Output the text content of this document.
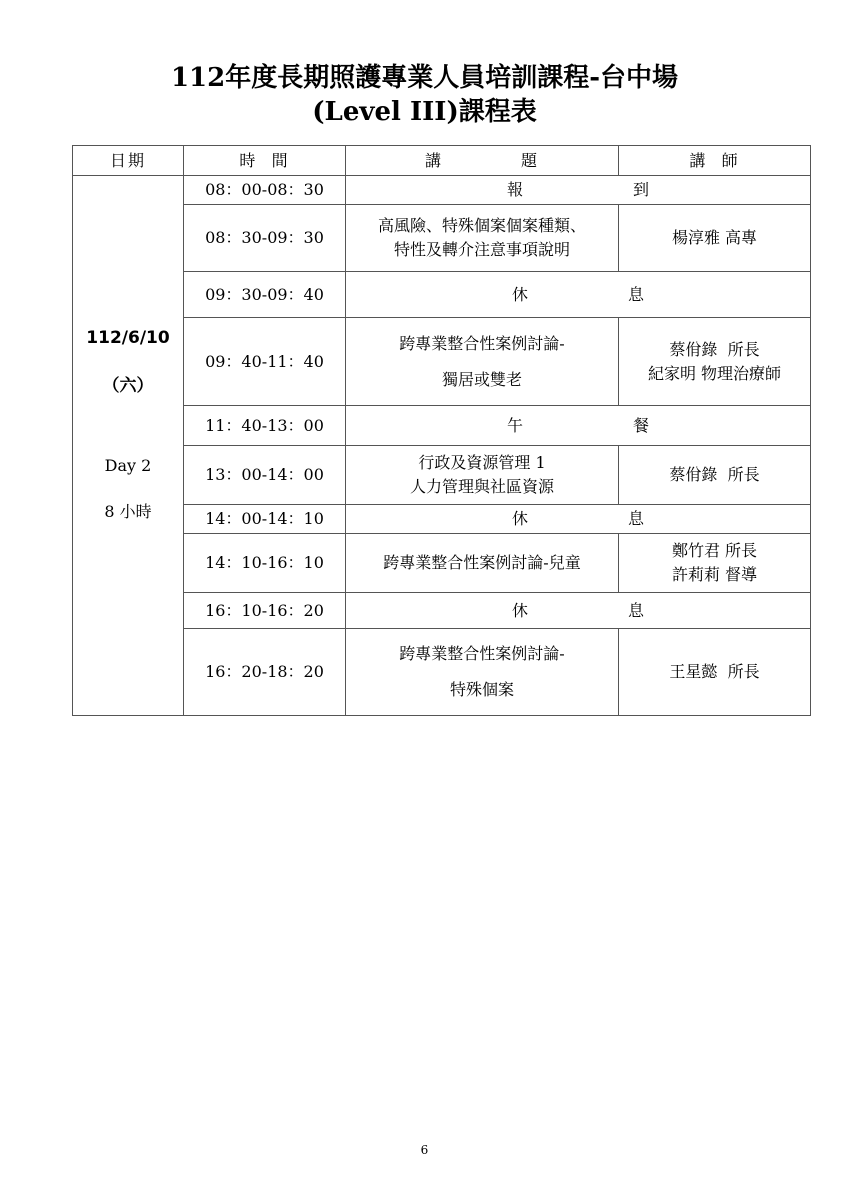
112年度長期照護專業人員培訓課程-台中場
(Level III)課程表
日期	時  間	講           題	講  師

112/6/10
（六）
Day 2
8 小時	08：00-08：30	報 到	
	08：30-09：30	高風險、特殊個案個案種類、
特性及轉介注意事項說明	楊淳雅 高專

	09：30-09：40	休 息	
	09：40-11：40	跨專業整合性案例討論-
獨居或雙老	蔡佾錄  所長
紀家明 物理治療師

	11：40-13：00	午 餐	
	13：00-14：00	行政及資源管理 1
人力管理與社區資源	蔡佾錄  所長

	14：00-14：10	休 息	
	14：10-16：10	跨專業整合性案例討論-兒童	鄭竹君 所長
許莉莉 督導

	16：10-16：20	休 息	
	16：20-18：20	跨專業整合性案例討論-
特殊個案	王星懿  所長
6
